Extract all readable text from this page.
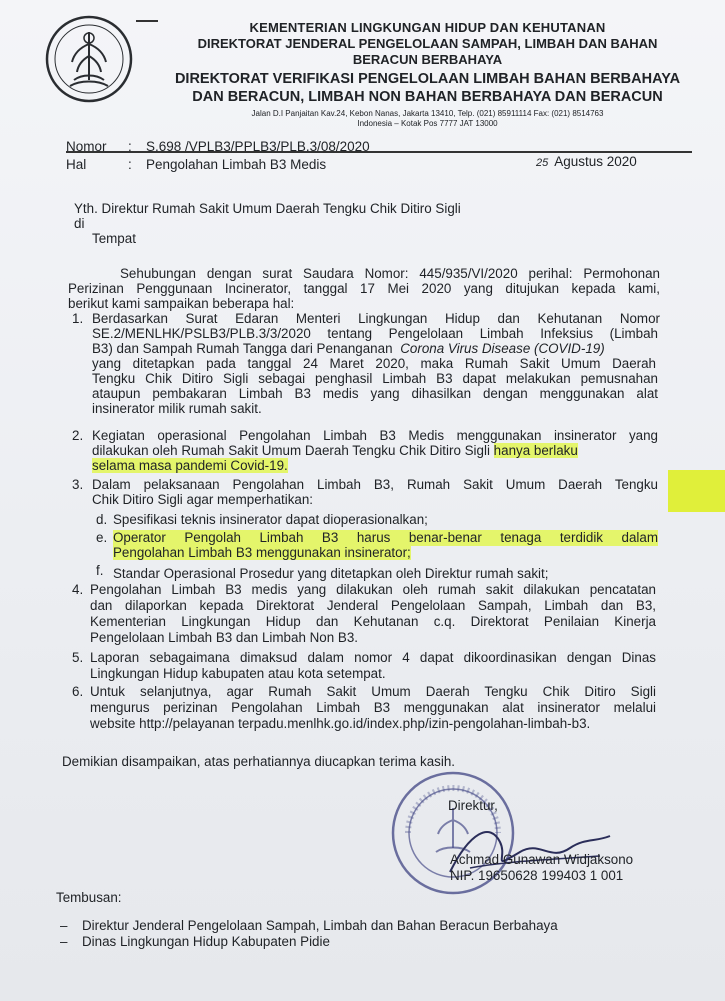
KEMENTERIAN LINGKUNGAN HIDUP DAN KEHUTANAN
DIREKTORAT JENDERAL PENGELOLAAN SAMPAH, LIMBAH DAN BAHAN
BERACUN BERBAHAYA
DIREKTORAT VERIFIKASI PENGELOLAAN LIMBAH BAHAN BERBAHAYA
DAN BERACUN, LIMBAH NON BAHAN BERBAHAYA DAN BERACUN
Jalan D.I Panjaitan Kav.24, Kebon Nanas, Jakarta 13410, Telp. (021) 85911114 Fax: (021) 8514763
Indonesia – Kotak Pos 7777 JAT 13000
Nomor	: S.698 /VPLB3/PPLB3/PLB.3/08/2020
Hal	: Pengolahan Limbah B3 Medis	25 Agustus 2020
Yth. Direktur Rumah Sakit Umum Daerah Tengku Chik Ditiro Sigli
di
Tempat
Sehubungan dengan surat Saudara Nomor: 445/935/VI/2020 perihal: Permohonan
Perizinan Penggunaan Incinerator, tanggal 17 Mei 2020 yang ditujukan kepada kami,
berikut kami sampaikan beberapa hal:
1. Berdasarkan Surat Edaran Menteri Lingkungan Hidup dan Kehutanan Nomor
SE.2/MENLHK/PSLB3/PLB.3/3/2020 tentang Pengelolaan Limbah Infeksius (Limbah
B3) dan Sampah Rumah Tangga dari Penanganan Corona Virus Disease (COVID-19)
yang ditetapkan pada tanggal 24 Maret 2020, maka Rumah Sakit Umum Daerah
Tengku Chik Ditiro Sigli sebagai penghasil Limbah B3 dapat melakukan pemusnahan
ataupun pembakaran Limbah B3 medis yang dihasilkan dengan menggunakan alat
insinerator milik rumah sakit.
2. Kegiatan operasional Pengolahan Limbah B3 Medis menggunakan insinerator yang
dilakukan oleh Rumah Sakit Umum Daerah Tengku Chik Ditiro Sigli hanya berlaku
selama masa pandemi Covid-19.
3. Dalam pelaksanaan Pengolahan Limbah B3, Rumah Sakit Umum Daerah Tengku
Chik Ditiro Sigli agar memperhatikan:
d. Spesifikasi teknis insinerator dapat dioperasionalkan;
e. Operator Pengolah Limbah B3 harus benar-benar tenaga terdidik dalam
Pengolahan Limbah B3 menggunakan insinerator;
f. Standar Operasional Prosedur yang ditetapkan oleh Direktur rumah sakit;
4. Pengolahan Limbah B3 medis yang dilakukan oleh rumah sakit dilakukan pencatatan
dan dilaporkan kepada Direktorat Jenderal Pengelolaan Sampah, Limbah dan B3,
Kementerian Lingkungan Hidup dan Kehutanan c.q. Direktorat Penilaian Kinerja
Pengelolaan Limbah B3 dan Limbah Non B3.
5. Laporan sebagaimana dimaksud dalam nomor 4 dapat dikoordinasikan dengan Dinas
Lingkungan Hidup kabupaten atau kota setempat.
6. Untuk selanjutnya, agar Rumah Sakit Umum Daerah Tengku Chik Ditiro Sigli
mengurus perizinan Pengolahan Limbah B3 menggunakan alat insinerator melalui
website http://pelayanan terpadu.menlhk.go.id/index.php/izin-pengolahan-limbah-b3.
Demikian disampaikan, atas perhatiannya diucapkan terima kasih.
Direktur,
Achmad Gunawan Widjaksono
NIP. 19650628 199403 1 001
Tembusan:
– Direktur Jenderal Pengelolaan Sampah, Limbah dan Bahan Beracun Berbahaya
– Dinas Lingkungan Hidup Kabupaten Pidie
